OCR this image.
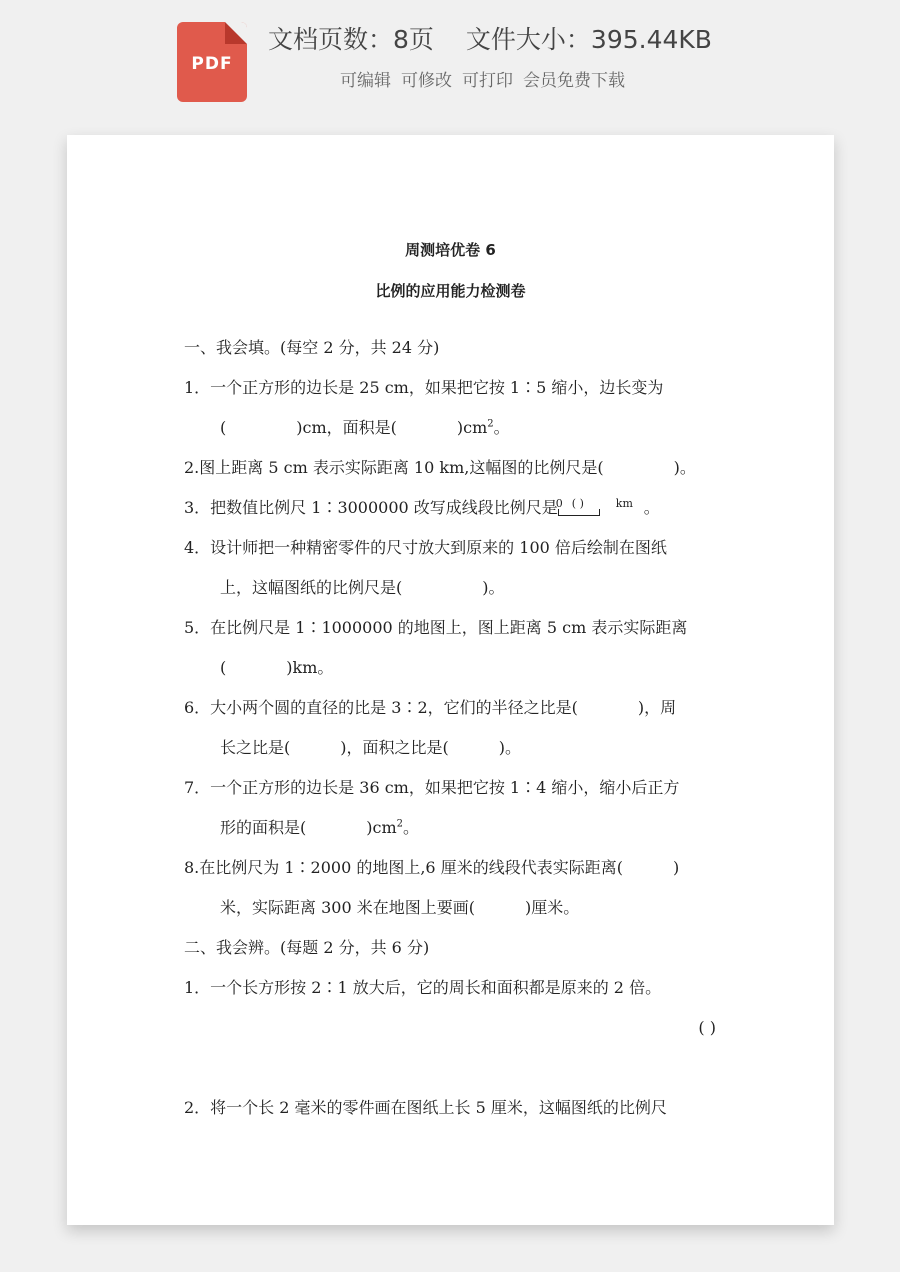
PDF
文档页数：8页 文件大小：395.44KB
可编辑 可修改 可打印 会员免费下载
周测培优卷 6
比例的应用能力检测卷
一、我会填。(每空 2 分，共 24 分)
1．一个正方形的边长是 25 cm，如果把它按 1∶5 缩小，边长变为
(	)cm，面积是(	)$cm^2$。
2.图上距离 5 cm 表示实际距离 10 km,这幅图的比例尺是(	)。
3．把数值比例尺 1∶3000000 改写成线段比例尺是
0 ( )	km 。
4．设计师把一种精密零件的尺寸放大到原来的 100 倍后绘制在图纸
上，这幅图纸的比例尺是(	)。
5．在比例尺是 1∶1000000 的地图上，图上距离 5 cm 表示实际距离
(	)km。
6．大小两个圆的直径的比是 3∶2，它们的半径之比是(	)，周
长之比是(	)，面积之比是(	)。
7．一个正方形的边长是 36 cm，如果把它按 1∶4 缩小，缩小后正方
形的面积是(	)$cm^2$。
8.在比例尺为 1∶2000 的地图上,6 厘米的线段代表实际距离(	)
米，实际距离 300 米在地图上要画(	)厘米。
二、我会辨。(每题 2 分，共 6 分)
1．一个长方形按 2∶1 放大后，它的周长和面积都是原来的 2 倍。
( )
2．将一个长 2 毫米的零件画在图纸上长 5 厘米，这幅图纸的比例尺
